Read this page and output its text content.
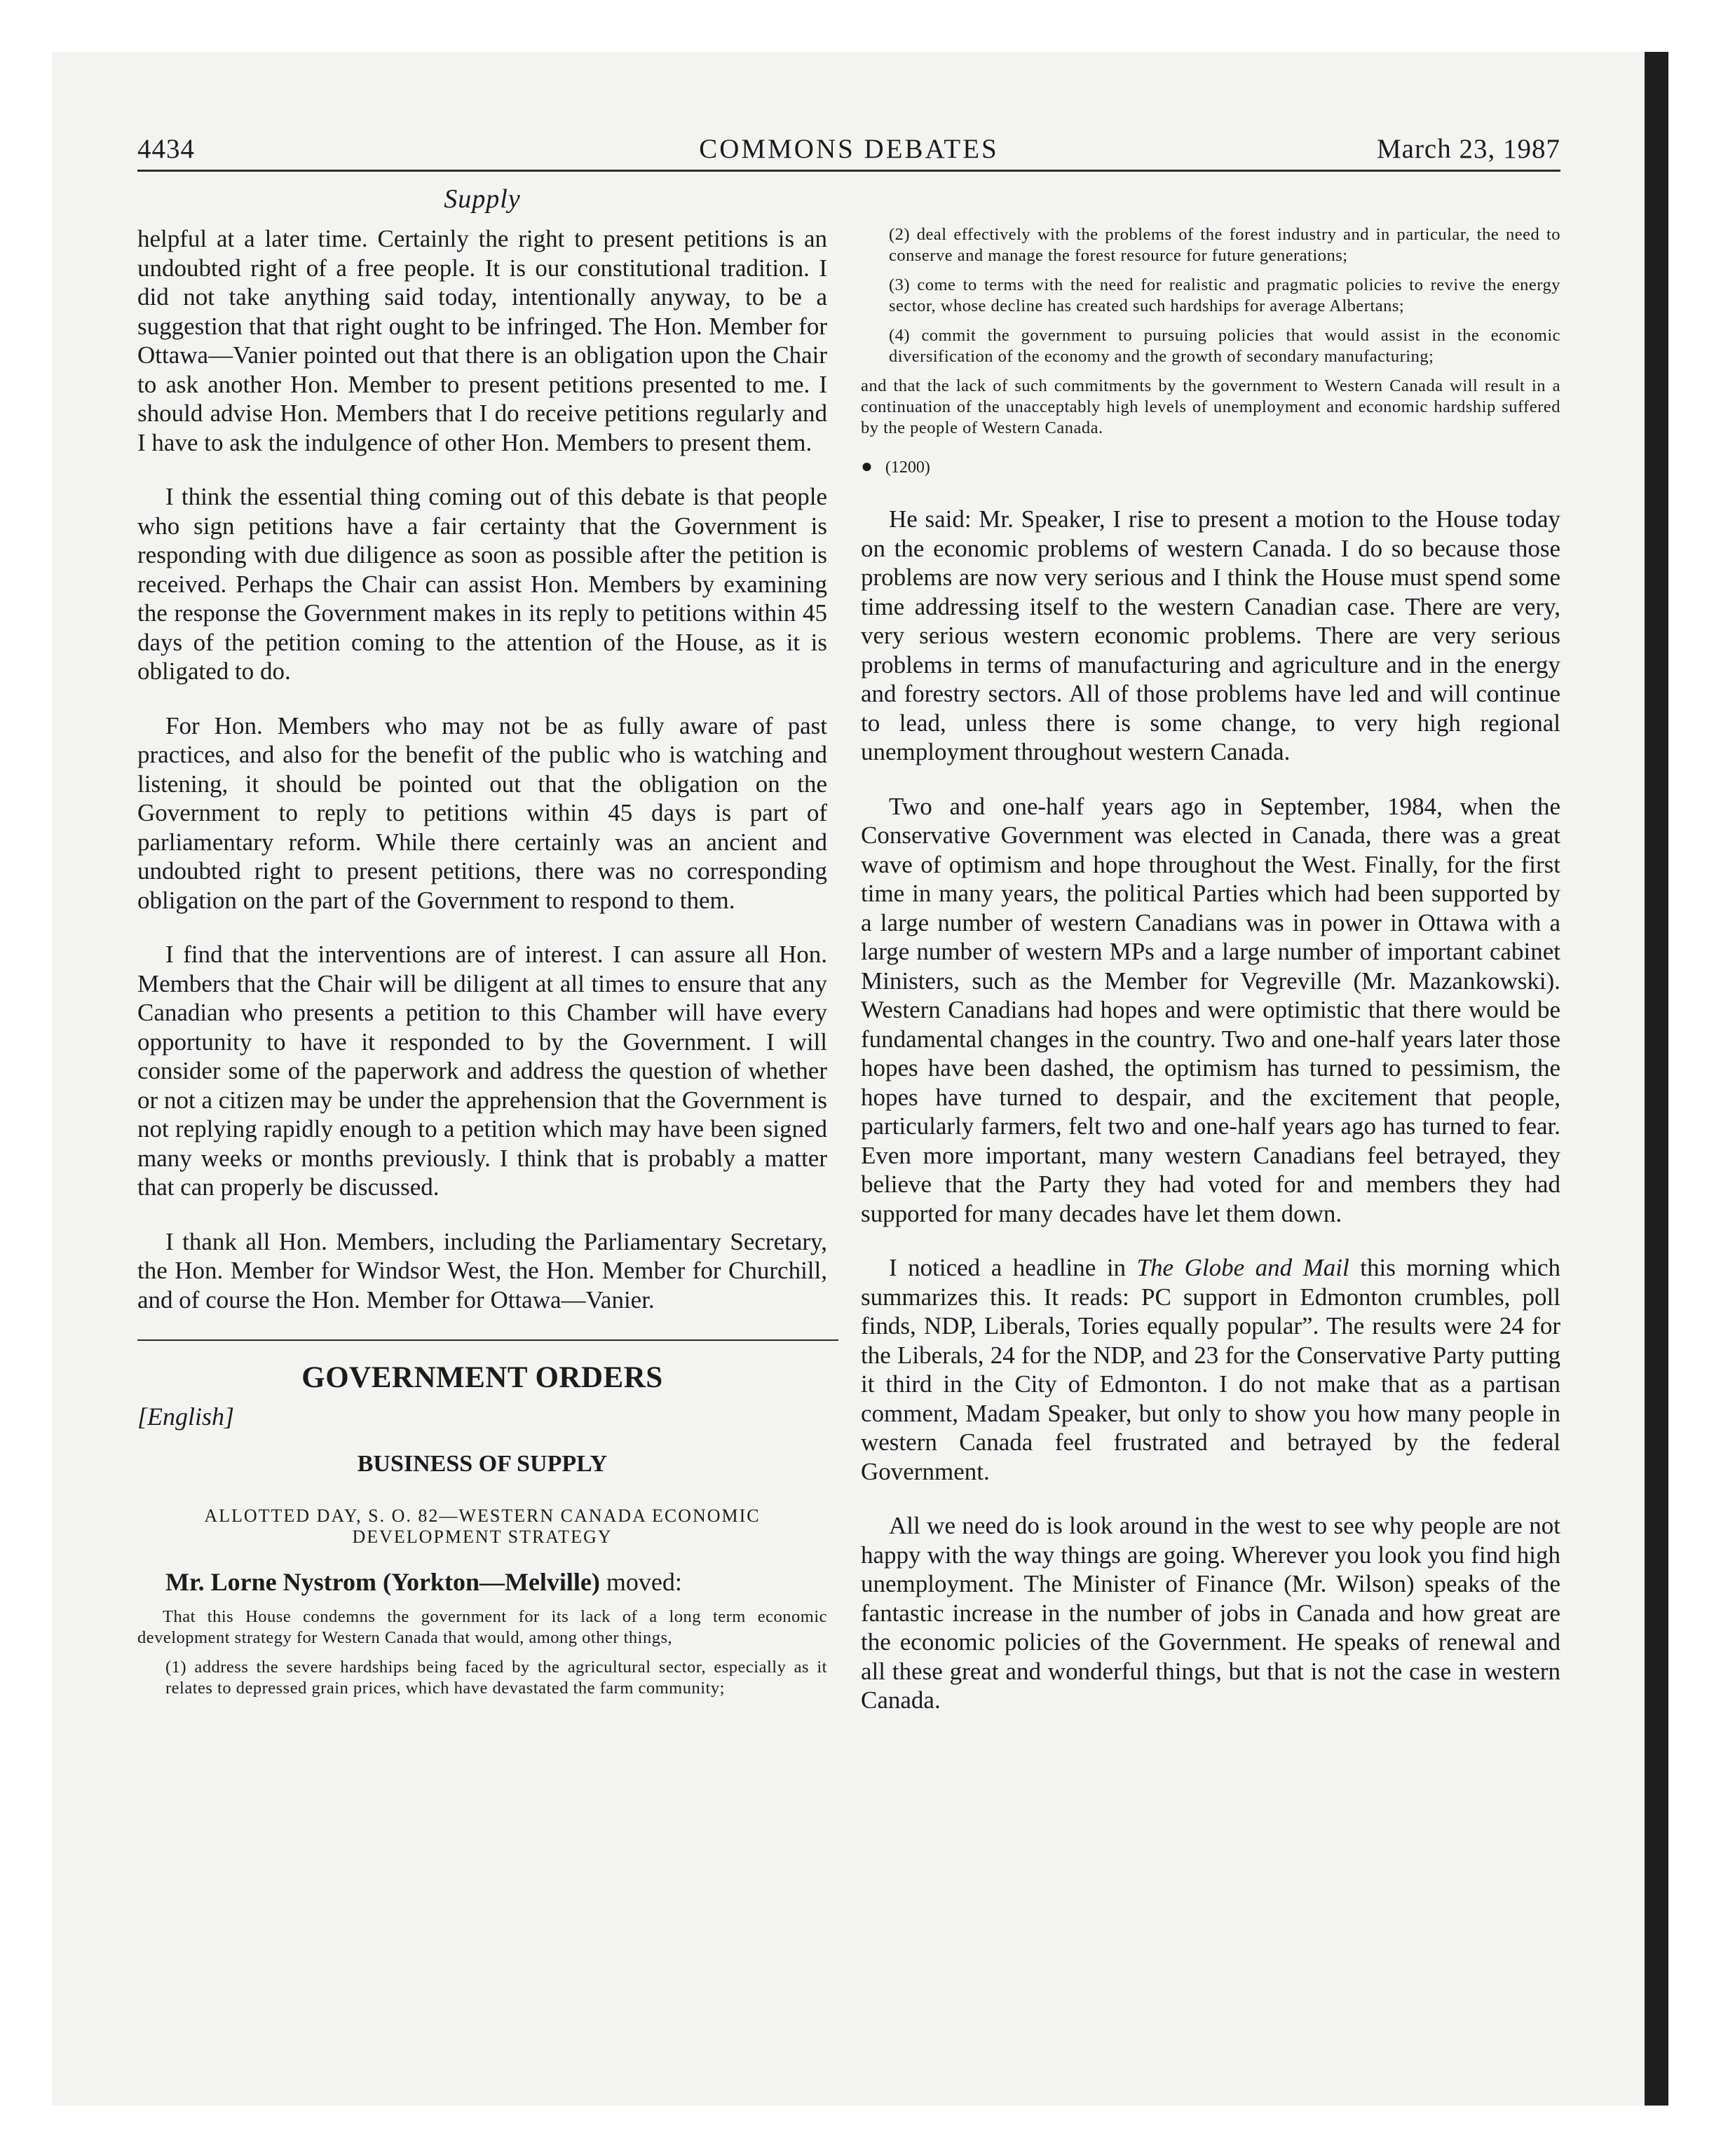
COMMONS DEBATES
4434	March 23, 1987
Supply

helpful at a later time. Certainly the right to present petitions is an undoubted right of a free people. It is our constitutional tradition. I did not take anything said today, intentionally anyway, to be a suggestion that that right ought to be infringed. The Hon. Member for Ottawa—Vanier pointed out that there is an obligation upon the Chair to ask another Hon. Member to present petitions presented to me. I should advise Hon. Members that I do receive petitions regularly and I have to ask the indulgence of other Hon. Members to present them.

I think the essential thing coming out of this debate is that people who sign petitions have a fair certainty that the Government is responding with due diligence as soon as possible after the petition is received. Perhaps the Chair can assist Hon. Members by examining the response the Government makes in its reply to petitions within 45 days of the petition coming to the attention of the House, as it is obligated to do.

For Hon. Members who may not be as fully aware of past practices, and also for the benefit of the public who is watching and listening, it should be pointed out that the obligation on the Government to reply to petitions within 45 days is part of parliamentary reform. While there certainly was an ancient and undoubted right to present petitions, there was no corresponding obligation on the part of the Government to respond to them.

I find that the interventions are of interest. I can assure all Hon. Members that the Chair will be diligent at all times to ensure that any Canadian who presents a petition to this Chamber will have every opportunity to have it responded to by the Government. I will consider some of the paperwork and address the question of whether or not a citizen may be under the apprehension that the Government is not replying rapidly enough to a petition which may have been signed many weeks or months previously. I think that is probably a matter that can properly be discussed.

I thank all Hon. Members, including the Parliamentary Secretary, the Hon. Member for Windsor West, the Hon. Member for Churchill, and of course the Hon. Member for Ottawa—Vanier.

GOVERNMENT ORDERS
[English]
BUSINESS OF SUPPLY
ALLOTTED DAY, S. O. 82—WESTERN CANADA ECONOMIC DEVELOPMENT STRATEGY
Mr. Lorne Nystrom (Yorkton—Melville) moved:

That this House condemns the government for its lack of a long term economic development strategy for Western Canada that would, among other things,

(1) address the severe hardships being faced by the agricultural sector, especially as it relates to depressed grain prices, which have devastated the farm community;

(2) deal effectively with the problems of the forest industry and in particular, the need to conserve and manage the forest resource for future generations;

(3) come to terms with the need for realistic and pragmatic policies to revive the energy sector, whose decline has created such hardships for average Albertans;

(4) commit the government to pursuing policies that would assist in the economic diversification of the economy and the growth of secondary manufacturing;

and that the lack of such commitments by the government to Western Canada will result in a continuation of the unacceptably high levels of unemployment and economic hardship suffered by the people of Western Canada.

● (1200)

He said: Mr. Speaker, I rise to present a motion to the House today on the economic problems of western Canada. I do so because those problems are now very serious and I think the House must spend some time addressing itself to the western Canadian case. There are very, very serious western economic problems. There are very serious problems in terms of manufacturing and agriculture and in the energy and forestry sectors. All of those problems have led and will continue to lead, unless there is some change, to very high regional unemployment throughout western Canada.

Two and one-half years ago in September, 1984, when the Conservative Government was elected in Canada, there was a great wave of optimism and hope throughout the West. Finally, for the first time in many years, the political Parties which had been supported by a large number of western Canadians was in power in Ottawa with a large number of western MPs and a large number of important cabinet Ministers, such as the Member for Vegreville (Mr. Mazankowski). Western Canadians had hopes and were optimistic that there would be fundamental changes in the country. Two and one-half years later those hopes have been dashed, the optimism has turned to pessimism, the hopes have turned to despair, and the excitement that people, particularly farmers, felt two and one-half years ago has turned to fear. Even more important, many western Canadians feel betrayed, they believe that the Party they had voted for and members they had supported for many decades have let them down.

I noticed a headline in The Globe and Mail this morning which summarizes this. It reads: PC support in Edmonton crumbles, poll finds, NDP, Liberals, Tories equally popular”. The results were 24 for the Liberals, 24 for the NDP, and 23 for the Conservative Party putting it third in the City of Edmonton. I do not make that as a partisan comment, Madam Speaker, but only to show you how many people in western Canada feel frustrated and betrayed by the federal Government.

All we need do is look around in the west to see why people are not happy with the way things are going. Wherever you look you find high unemployment. The Minister of Finance (Mr. Wilson) speaks of the fantastic increase in the number of jobs in Canada and how great are the economic policies of the Government. He speaks of renewal and all these great and wonderful things, but that is not the case in western Canada.
